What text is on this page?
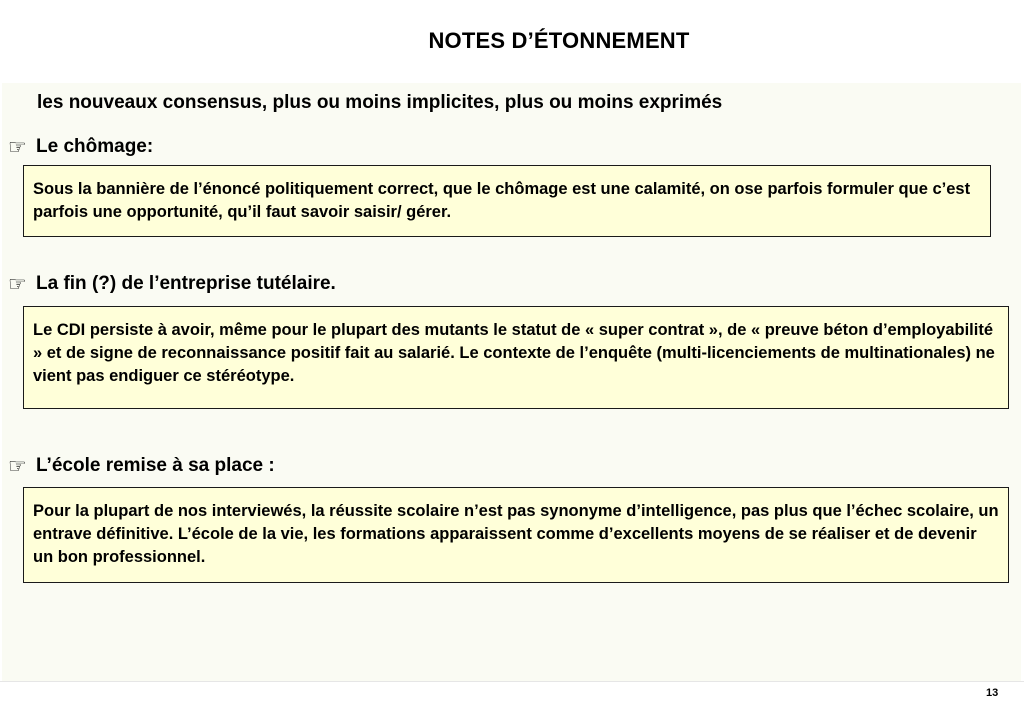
NOTES D’ÉTONNEMENT
les nouveaux consensus, plus ou moins implicites, plus ou moins exprimés
☞ Le chômage:
Sous la bannière de l’énoncé politiquement correct, que le chômage est une calamité, on ose parfois formuler que c’est parfois une opportunité, qu’il faut savoir saisir/ gérer.
☞ La fin (?) de l’entreprise tutélaire.
Le CDI persiste à avoir, même pour le plupart des mutants le statut de « super contrat », de « preuve béton d’employabilité » et de signe de reconnaissance positif fait au salarié. Le contexte de l’enquête (multi-licenciements de multinationales) ne vient pas endiguer ce stéréotype.
☞ L’école remise à sa place :
Pour la plupart de nos interviewés, la réussite scolaire n’est pas synonyme d’intelligence, pas plus que l’échec scolaire, un entrave définitive. L’école de la vie, les formations apparaissent comme d’excellents moyens de se réaliser et de devenir un bon professionnel.
13
